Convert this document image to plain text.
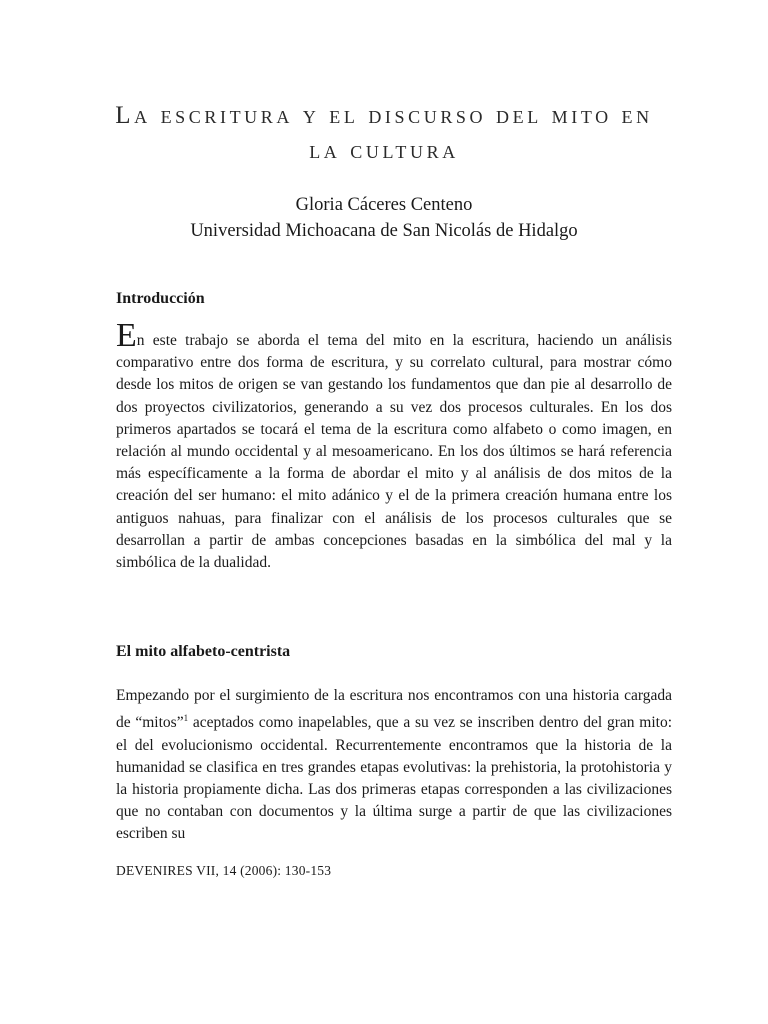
La escritura y el discurso del mito en
la cultura
Gloria Cáceres Centeno
Universidad Michoacana de San Nicolás de Hidalgo
Introducción

En este trabajo se aborda el tema del mito en la escritura, haciendo un análisis comparativo entre dos forma de escritura, y su correlato cultural, para mostrar cómo desde los mitos de origen se van gestando los fundamentos que dan pie al desarrollo de dos proyectos civilizatorios, generando a su vez dos procesos culturales. En los dos primeros apartados se tocará el tema de la escritura como alfabeto o como imagen, en relación al mundo occidental y al mesoamericano. En los dos últimos se hará referencia más específicamente a la forma de abordar el mito y al análisis de dos mitos de la creación del ser humano: el mito adánico y el de la primera creación humana entre los antiguos nahuas, para finalizar con el análisis de los procesos culturales que se desarrollan a partir de ambas concepciones basadas en la simbólica del mal y la simbólica de la dualidad.

El mito alfabeto-centrista

Empezando por el surgimiento de la escritura nos encontramos con una historia cargada de “mitos”$^1$ aceptados como inapelables, que a su vez se inscriben dentro del gran mito: el del evolucionismo occidental. Recurrentemente encontramos que la historia de la humanidad se clasifica en tres grandes etapas evolutivas: la prehistoria, la protohistoria y la historia propiamente dicha. Las dos primeras etapas corresponden a las civilizaciones que no contaban con documentos y la última surge a partir de que las civilizaciones escriben su

DEVENIRES VII, 14 (2006): 130-153
